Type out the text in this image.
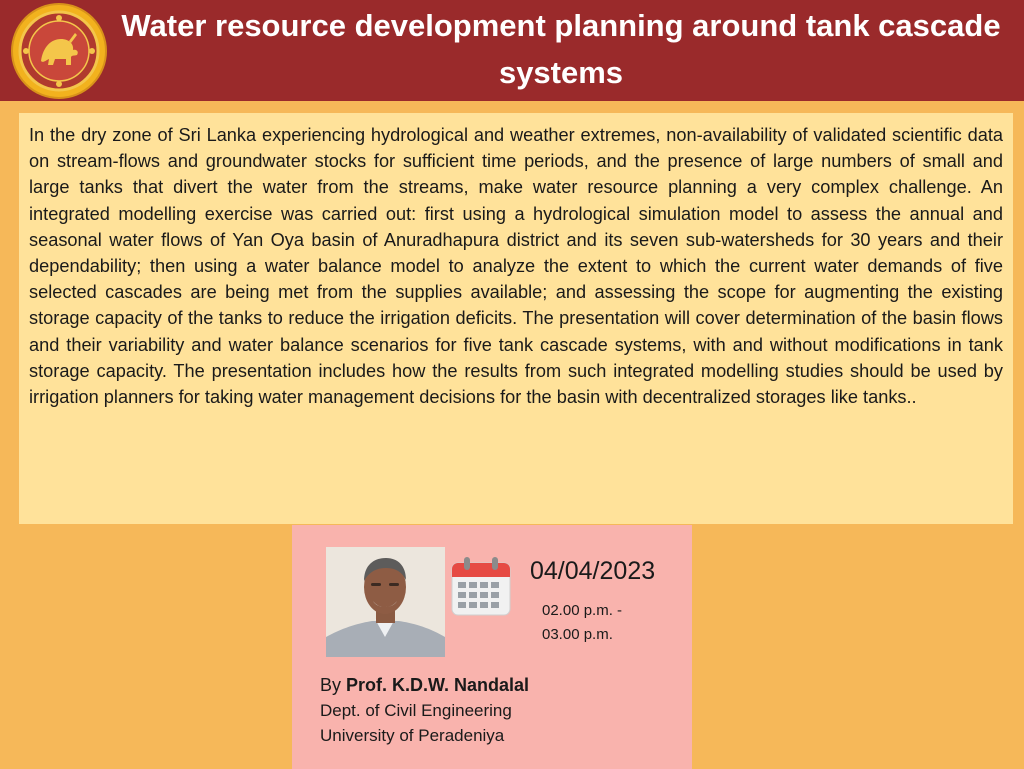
Water resource development planning around tank cascade systems

In the dry zone of Sri Lanka experiencing hydrological and weather extremes, non-availability of validated scientific data on stream-flows and groundwater stocks for sufficient time periods, and the presence of large numbers of small and large tanks that divert the water from the streams, make water resource planning a very complex challenge. An integrated modelling exercise was carried out: first using a hydrological simulation model to assess the annual and seasonal water flows of Yan Oya basin of Anuradhapura district and its seven sub-watersheds for 30 years and their dependability; then using a water balance model to analyze the extent to which the current water demands of five selected cascades are being met from the supplies available; and assessing the scope for augmenting the existing storage capacity of the tanks to reduce the irrigation deficits. The presentation will cover determination of the basin flows and their variability and water balance scenarios for five tank cascade systems, with and without modifications in tank storage capacity. The presentation includes how the results from such integrated modelling studies should be used by irrigation planners for taking water management decisions for the basin with decentralized storages like tanks..

04/04/2023

02.00 p.m. -
03.00 p.m.
By Prof. K.D.W. Nandalal
Dept. of Civil Engineering
University of Peradeniya
